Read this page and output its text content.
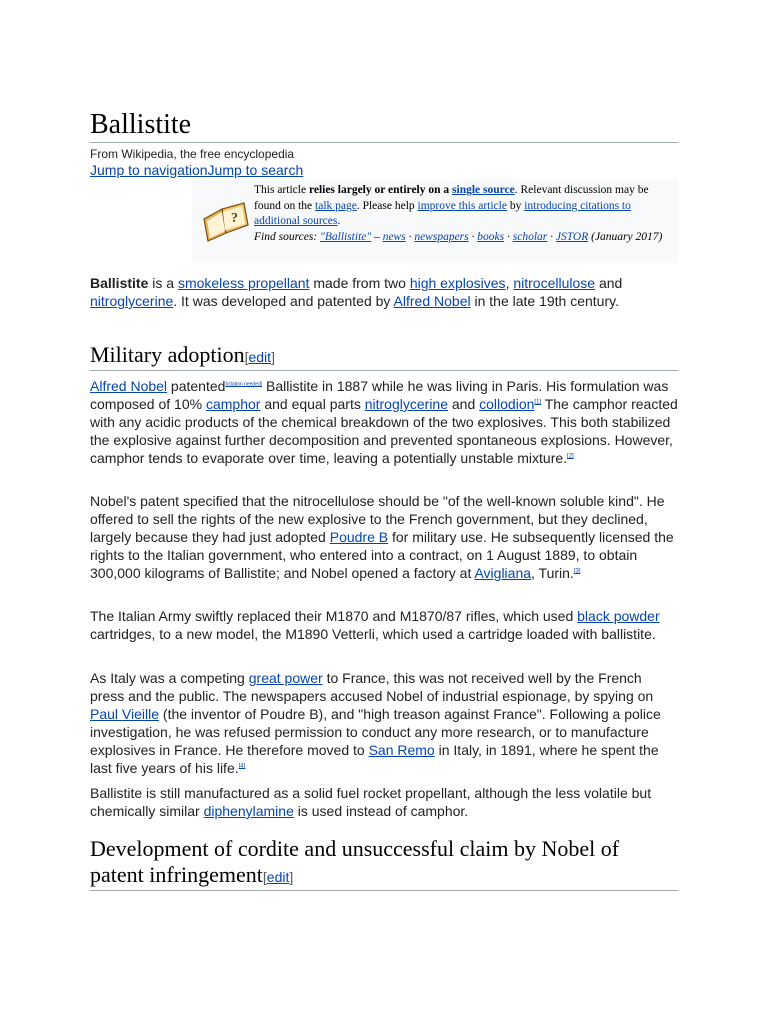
Ballistite
From Wikipedia, the free encyclopedia
Jump to navigationJump to search
?
This article relies largely or entirely on a single source. Relevant discussion may be found on the talk page. Please help improve this article by introducing citations to additional sources.
Find sources: "Ballistite" – news · newspapers · books · scholar · JSTOR (January 2017)

Ballistite is a smokeless propellant made from two high explosives, nitrocellulose and nitroglycerine. It was developed and patented by Alfred Nobel in the late 19th century.

Military adoption[edit]

Alfred Nobel patented[citation needed] Ballistite in 1887 while he was living in Paris. His formulation was composed of 10% camphor and equal parts nitroglycerine and collodion[1] The camphor reacted with any acidic products of the chemical breakdown of the two explosives. This both stabilized the explosive against further decomposition and prevented spontaneous explosions. However, camphor tends to evaporate over time, leaving a potentially unstable mixture.[2]

Nobel's patent specified that the nitrocellulose should be "of the well-known soluble kind". He offered to sell the rights of the new explosive to the French government, but they declined, largely because they had just adopted Poudre B for military use. He subsequently licensed the rights to the Italian government, who entered into a contract, on 1 August 1889, to obtain 300,000 kilograms of Ballistite; and Nobel opened a factory at Avigliana, Turin.[3]

The Italian Army swiftly replaced their M1870 and M1870/87 rifles, which used black powder cartridges, to a new model, the M1890 Vetterli, which used a cartridge loaded with ballistite.

As Italy was a competing great power to France, this was not received well by the French press and the public. The newspapers accused Nobel of industrial espionage, by spying on Paul Vieille (the inventor of Poudre B), and "high treason against France". Following a police investigation, he was refused permission to conduct any more research, or to manufacture explosives in France. He therefore moved to San Remo in Italy, in 1891, where he spent the last five years of his life.[4]

Ballistite is still manufactured as a solid fuel rocket propellant, although the less volatile but chemically similar diphenylamine is used instead of camphor.

Development of cordite and unsuccessful claim by Nobel of patent infringement[edit]
